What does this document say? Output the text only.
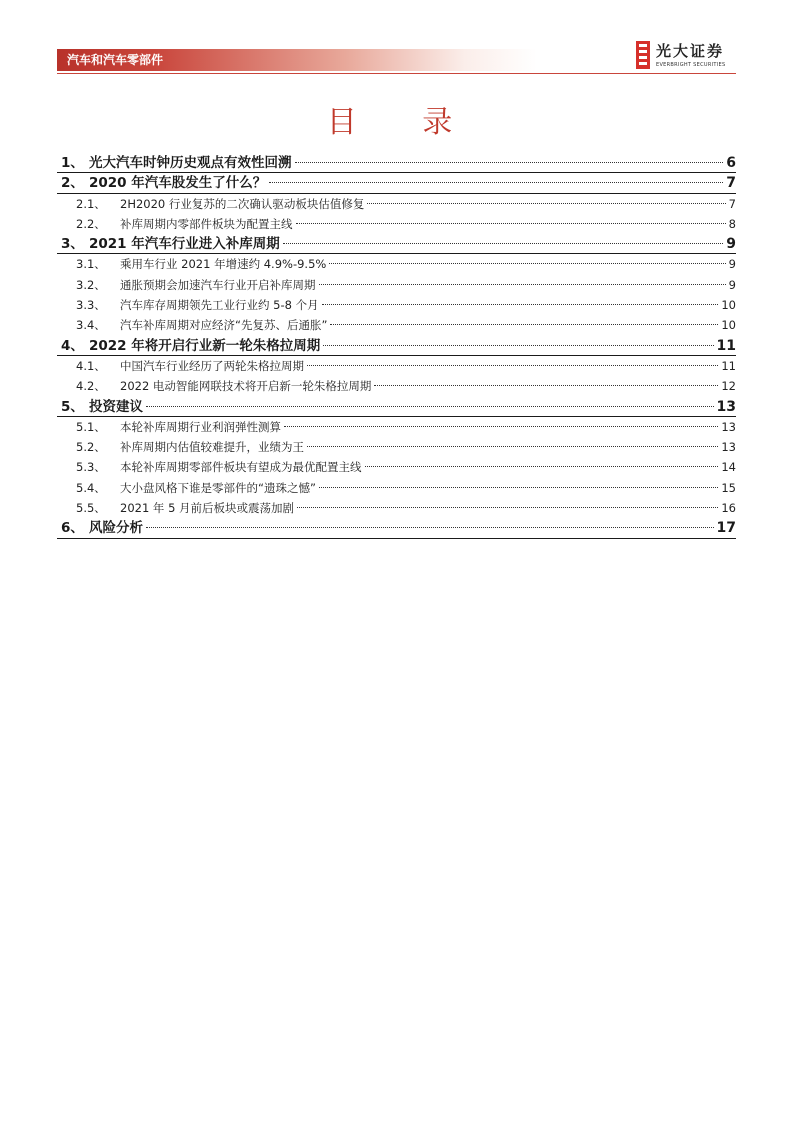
汽车和汽车零部件	光大证券
EVERBRIGHT SECURITIES
目 录
1、 光大汽车时钟历史观点有效性回溯	6
2、 2020 年汽车股发生了什么？	7
2.1、	2H2020 行业复苏的二次确认驱动板块估值修复	7
2.2、	补库周期内零部件板块为配置主线	8
3、 2021 年汽车行业进入补库周期	9
3.1、	乘用车行业 2021 年增速约 4.9%-9.5%	9
3.2、	通胀预期会加速汽车行业开启补库周期	9
3.3、	汽车库存周期领先工业行业约 5-8 个月	10
3.4、	汽车补库周期对应经济“先复苏、后通胀”	10
4、 2022 年将开启行业新一轮朱格拉周期	11
4.1、	中国汽车行业经历了两轮朱格拉周期	11
4.2、	2022 电动智能网联技术将开启新一轮朱格拉周期	12
5、 投资建议	13
5.1、	本轮补库周期行业利润弹性测算	13
5.2、	补库周期内估值较难提升，业绩为王	13
5.3、	本轮补库周期零部件板块有望成为最优配置主线	14
5.4、	大小盘风格下谁是零部件的“遗珠之憾”	15
5.5、	2021 年 5 月前后板块或震荡加剧	16
6、 风险分析	17
